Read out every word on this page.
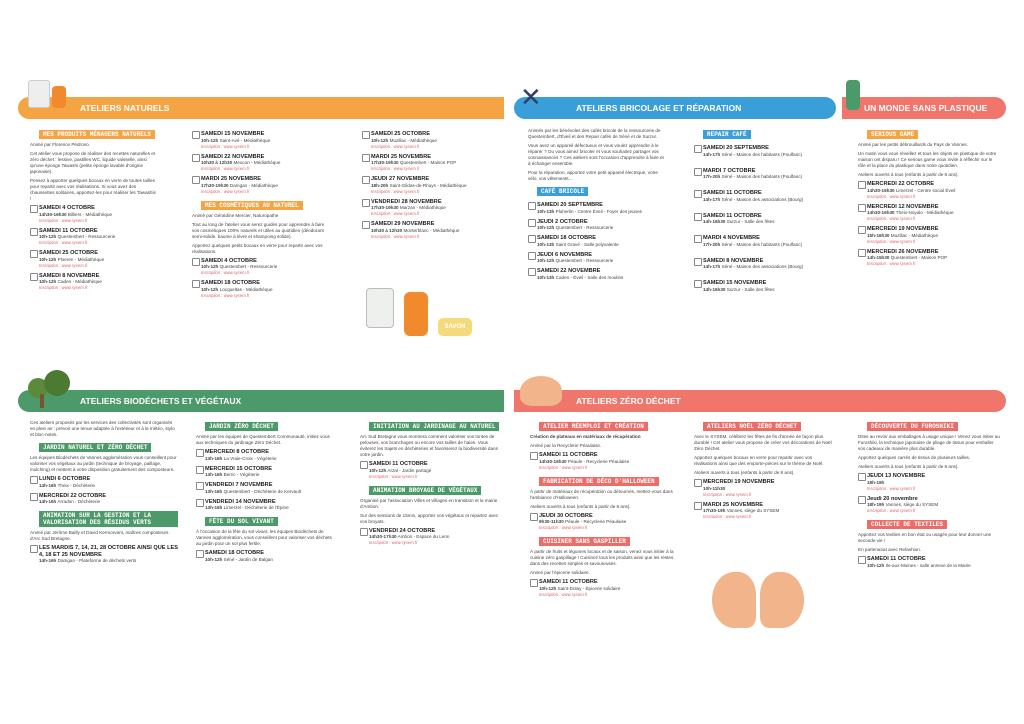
ATELIERS NATURELS	ATELIERS BRICOLAGE ET RÉPARATION	UN MONDE SANS PLASTIQUE
ATELIERS BIODÉCHETS ET VÉGÉTAUX	ATELIERS ZÉRO DÉCHET
✕
MES PRODUITS MÉNAGERS NATURELS
Animé par Florence Pédrono.
Cet atelier vous propose de réaliser des recettes naturelles et zéro déchet : lessive, pastilles WC, liquide vaisselle, ainsi qu'une éponge Tawashi (petite éponge lavable d'origine japonaise).
Pensez à apporter quelques bocaux en verre de toutes tailles pour repartir avec vos réalisations. Si vous avez des chaussettes solitaires, apportez-les pour réaliser les Tawashis !
SAMEDI 4 OCTOBRE
14h30-16h30 Billiers - Médiathèque
Inscription : www.sysem.fr
SAMEDI 11 OCTOBRE
10h-12h Questembert - Ressourcerie
Inscription : www.sysem.fr
SAMEDI 25 OCTOBRE
10h-12h Ploeren - Médiathèque
Inscription : www.sysem.fr
SAMEDI 8 NOVEMBRE
10h-12h Caden - Médiathèque
Inscription : www.sysem.fr
SAMEDI 15 NOVEMBRE
10h-12h Saint-Avé - Médiathèque
Inscription : www.sysem.fr
SAMEDI 22 NOVEMBRE
10h30 à 12h30 Meucon - Médiathèque
Inscription : www.sysem.fr
MARDI 25 NOVEMBRE
17h30-19h30 Damgan - Médiathèque
Inscription : www.sysem.fr
MES COSMÉTIQUES AU NATUREL
Animé par Géraldine Mercier, Naturopathe
Tout au long de l'atelier vous serez guidés pour apprendre à faire vos cosmétiques 100% naturels et utiles au quotidien (déodorant semi-solide, baume à lèvre et shampoing solide).
Apportez quelques petits bocaux en verre pour repartir avec vos réalisations.
SAMEDI 4 OCTOBRE
10h-12h Questembert - Ressourcerie
Inscription : www.sysem.fr
SAMEDI 18 OCTOBRE
10h-12h Locqueltas - Médiathèque
Inscription : www.sysem.fr
SAMEDI 25 OCTOBRE
10h-12h Muzillac - Médiathèque
Inscription : www.sysem.fr
MARDI 25 NOVEMBRE
17h30-19h30 Questembert - Maison POP
Inscription : www.sysem.fr
JEUDI 27 NOVEMBRE
18h-20h Saint-Gildas-de-Rhuys - Médiathèque
Inscription : www.sysem.fr
VENDREDI 28 NOVEMBRE
17h30-19h30 Marzan - Médiathèque
Inscription : www.sysem.fr
SAMEDI 29 NOVEMBRE
10h30 à 12h30 Monterblanc - Médiathèque
Inscription : www.sysem.fr
SAVON
Animés par les bénévoles des cafés bricole de la ressourcerie de Questembert, d'Éveil et des Repair cafés de Séné et de Surzur.
Vous avez un appareil défectueux et vous voulez apprendre à le réparer ? Ou vous aimez bricoler et vous souhaitez partager vos connaissances ? Ces ateliers sont l'occasion d'apprendre à faire et à échanger ensemble.
Pour la réparation, apportez votre petit appareil électrique, votre vélo, vos vêtements…
CAFÉ BRICOLE
SAMEDI 20 SEPTEMBRE
10h-13h Pluherlin - Centre Éveil - Foyer des jeunes
JEUDI 2 OCTOBRE
10h-12h Questembert - Ressourcerie
SAMEDI 18 OCTOBRE
10h-13h Saint Gravé - Salle polyvalente
JEUDI 6 NOVEMBRE
10h-12h Questembert - Ressourcerie
SAMEDI 22 NOVEMBRE
10h-13h Caden - Éveil - Salle des moulins
REPAIR CAFÉ
SAMEDI 20 SEPTEMBRE
14h-17h Séné - Maison des habitants (Poulfanc)
MARDI 7 OCTOBRE
17h-20h Séné - Maison des habitants (Poulfanc)
SAMEDI 11 OCTOBRE
14h-17h Séné - Maison des associations (Bourg)
SAMEDI 11 OCTOBRE
14h-16h30 Surzur - Salle des fêtes
MARDI 4 NOVEMBRE
17h-20h Séné - Maison des habitants (Poulfanc)
SAMEDI 8 NOVEMBRE
14h-17h Séné - Maison des associations (Bourg)
SAMEDI 15 NOVEMBRE
14h-16h30 Surzur - Salle des fêtes
SERIOUS GAME
Animé par les petits débrouillards du Pays de Vannes.
Un matin vous vous réveillez et tous les objets en plastique de votre maison ont disparu ! Ce serious game vous invite à réfléchir sur le rôle et la place du plastique dans notre quotidien.
Ateliers ouverts à tous (enfants à partir de 8 ans).
MERCREDI 22 OCTOBRE
14h30-16h30 Limerzel - Centre social Éveil
Inscription : www.sysem.fr
MERCREDI 12 NOVEMBRE
14h30-16h30 Theix-Noyalo - Médiathèque
Inscription : www.sysem.fr
MERCREDI 19 NOVEMBRE
15h-16h30 Muzillac - Médiathèque
Inscription : www.sysem.fr
MERCREDI 26 NOVEMBRE
14h-15h30 Questembert - Maison POP
Inscription : www.sysem.fr
Ces ateliers proposés par les services des collectivités sont organisés en plein air : prévoir une tenue adaptée à l'extérieur et à la météo, stylo et bloc-notes.
JARDIN NATUREL ET ZÉRO DÉCHET
Les équipes Biodéchets de Vannes agglomération vous conseillent pour valoriser vos végétaux au jardin (technique de broyage, paillage, mulching) et mettent à votre disposition gratuitement des composteurs.
LUNDI 6 OCTOBRE
14h-16h Theix - Déchèterie
MERCREDI 22 OCTOBRE
14h-16h Arradon - Déchèterie
ANIMATION SUR LA GESTION ET LA VALORISATION DES RÉSIDUS VERTS
Animé par Jérôme Bailly et David Kermorvant, maîtres composteurs d'Arc Sud Bretagne.
LES MARDIS 7, 14, 21, 28 OCTOBRE AINSI QUE LES 4, 18 ET 25 NOVEMBRE
14h-16h Damgan - Plateforme de déchets verts
JARDIN ZÉRO DÉCHET
Animé par les équipes de Questembert Communauté, initiez vous aux techniques du jardinage Zéro Déchet.
MERCREDI 8 OCTOBRE
13h-16h La Vraie-Croix - Végèterie
MERCREDI 15 OCTOBRE
13h-16h Berric - Végèterie
VENDREDI 7 NOVEMBRE
13h-16h Questembert - Déchèterie de Kervault
VENDREDI 14 NOVEMBRE
13h-16h Limerzel - Déchèterie de l'Épine
FÊTE DU SOL VIVANT
À l'occasion de la fête du sol vivant, les équipes Biodéchets de Vannes agglomération, vous conseillent pour valoriser vos déchets au jardin pour un sol plus fertile.
SAMEDI 18 OCTOBRE
10h-12h Séné - Jardin de Balgan
INITIATION AU JARDINAGE AU NATUREL
Arc Sud Bretagne vous montrera comment valoriser vos tontes de pelouses, vos branchages ou encore vos tailles de haies. Vous éviterez les trajets en déchèteries et favoriserez la biodiversité dans votre jardin.
SAMEDI 11 OCTOBRE
10h-12h Arzal - Jardin partagé
Inscription : www.sysem.fr
ANIMATION BROYAGE DE VÉGÉTAUX
Organisé par l'association Villes et Villages en transition et la mairie d'Ambon.
Sur des sessions de 15min, apportez vos végétaux et repartez avec vos broyats.
VENDREDI 24 OCTOBRE
14h30-17h30 Ambon - Espace du Lenn
Inscription : www.sysem.fr
ATELIER RÉEMPLOI ET CRÉATION
Création de plateaux en matériaux de récupération
Animé par la Recyclerie Péaulaise.
SAMEDI 11 OCTOBRE
14h30-16h30 Péaule - Recyclerie Péaulaise
Inscription : www.sysem.fr
FABRICATION DE DÉCO D'HALLOWEEN
À partir de matériaux de récupération ou détournés, mettez-vous dans l'ambiance d'Halloween.
Ateliers ouverts à tous (enfants à partir de 8 ans).
JEUDI 30 OCTOBRE
9h30-11h30 Péaule - Recyclerie Péaulaise
Inscription : www.sysem.fr
CUISINER SANS GASPILLER
À partir de fruits et légumes locaux et de saison, venez vous initier à la cuisine zéro gaspillage ! Cuisinez tous les produits ainsi que les restes dans des recettes simples et savoureuses.
Animé par l'épicerie solidaire.
SAMEDI 11 OCTOBRE
10h-12h Saint-Dolay - Épicerie solidaire
Inscription : www.sysem.fr
ATELIERS NOËL ZÉRO DÉCHET
Avec le SYSEM, célébrez les fêtes de fin d'année de façon plus durable ! Cet atelier vous propose de créer vos décorations de Noël Zéro Déchet.
Apportez quelques bocaux en verre pour repartir avec vos réalisations ainsi que des emporte-pièces sur le thème de Noël.
Ateliers ouverts à tous (enfants à partir de 8 ans).
MERCREDI 19 NOVEMBRE
10h-11h30
Inscription : www.sysem.fr
MARDI 25 NOVEMBRE
17h30-19h Vannes, siège du SYSEM
Inscription : www.sysem.fr
DÉCOUVERTE DU FUROSHIKI
Dites au revoir aux emballages à usage unique ! Venez vous initier au Furoshiki, la technique japonaise de pliage de tissus pour emballer vos cadeaux de manière plus durable.
Apportez quelques carrés de tissus de plusieurs tailles.
Ateliers ouverts à tous (enfants à partir de 8 ans).
JEUDI 13 NOVEMBRE
18h-19h
Inscription : www.sysem.fr
Jeudi 20 novembre
18h-19h Vannes, siège du SYSEM
Inscription : www.sysem.fr
COLLECTE DE TEXTILES
Apportez vos textiles en bon état ou usagés pour leur donner une seconde vie !
En partenariat avec Refashion.
SAMEDI 11 OCTOBRE
10h-12h Ile-aux-Moines - salle annexe de la Mairie
